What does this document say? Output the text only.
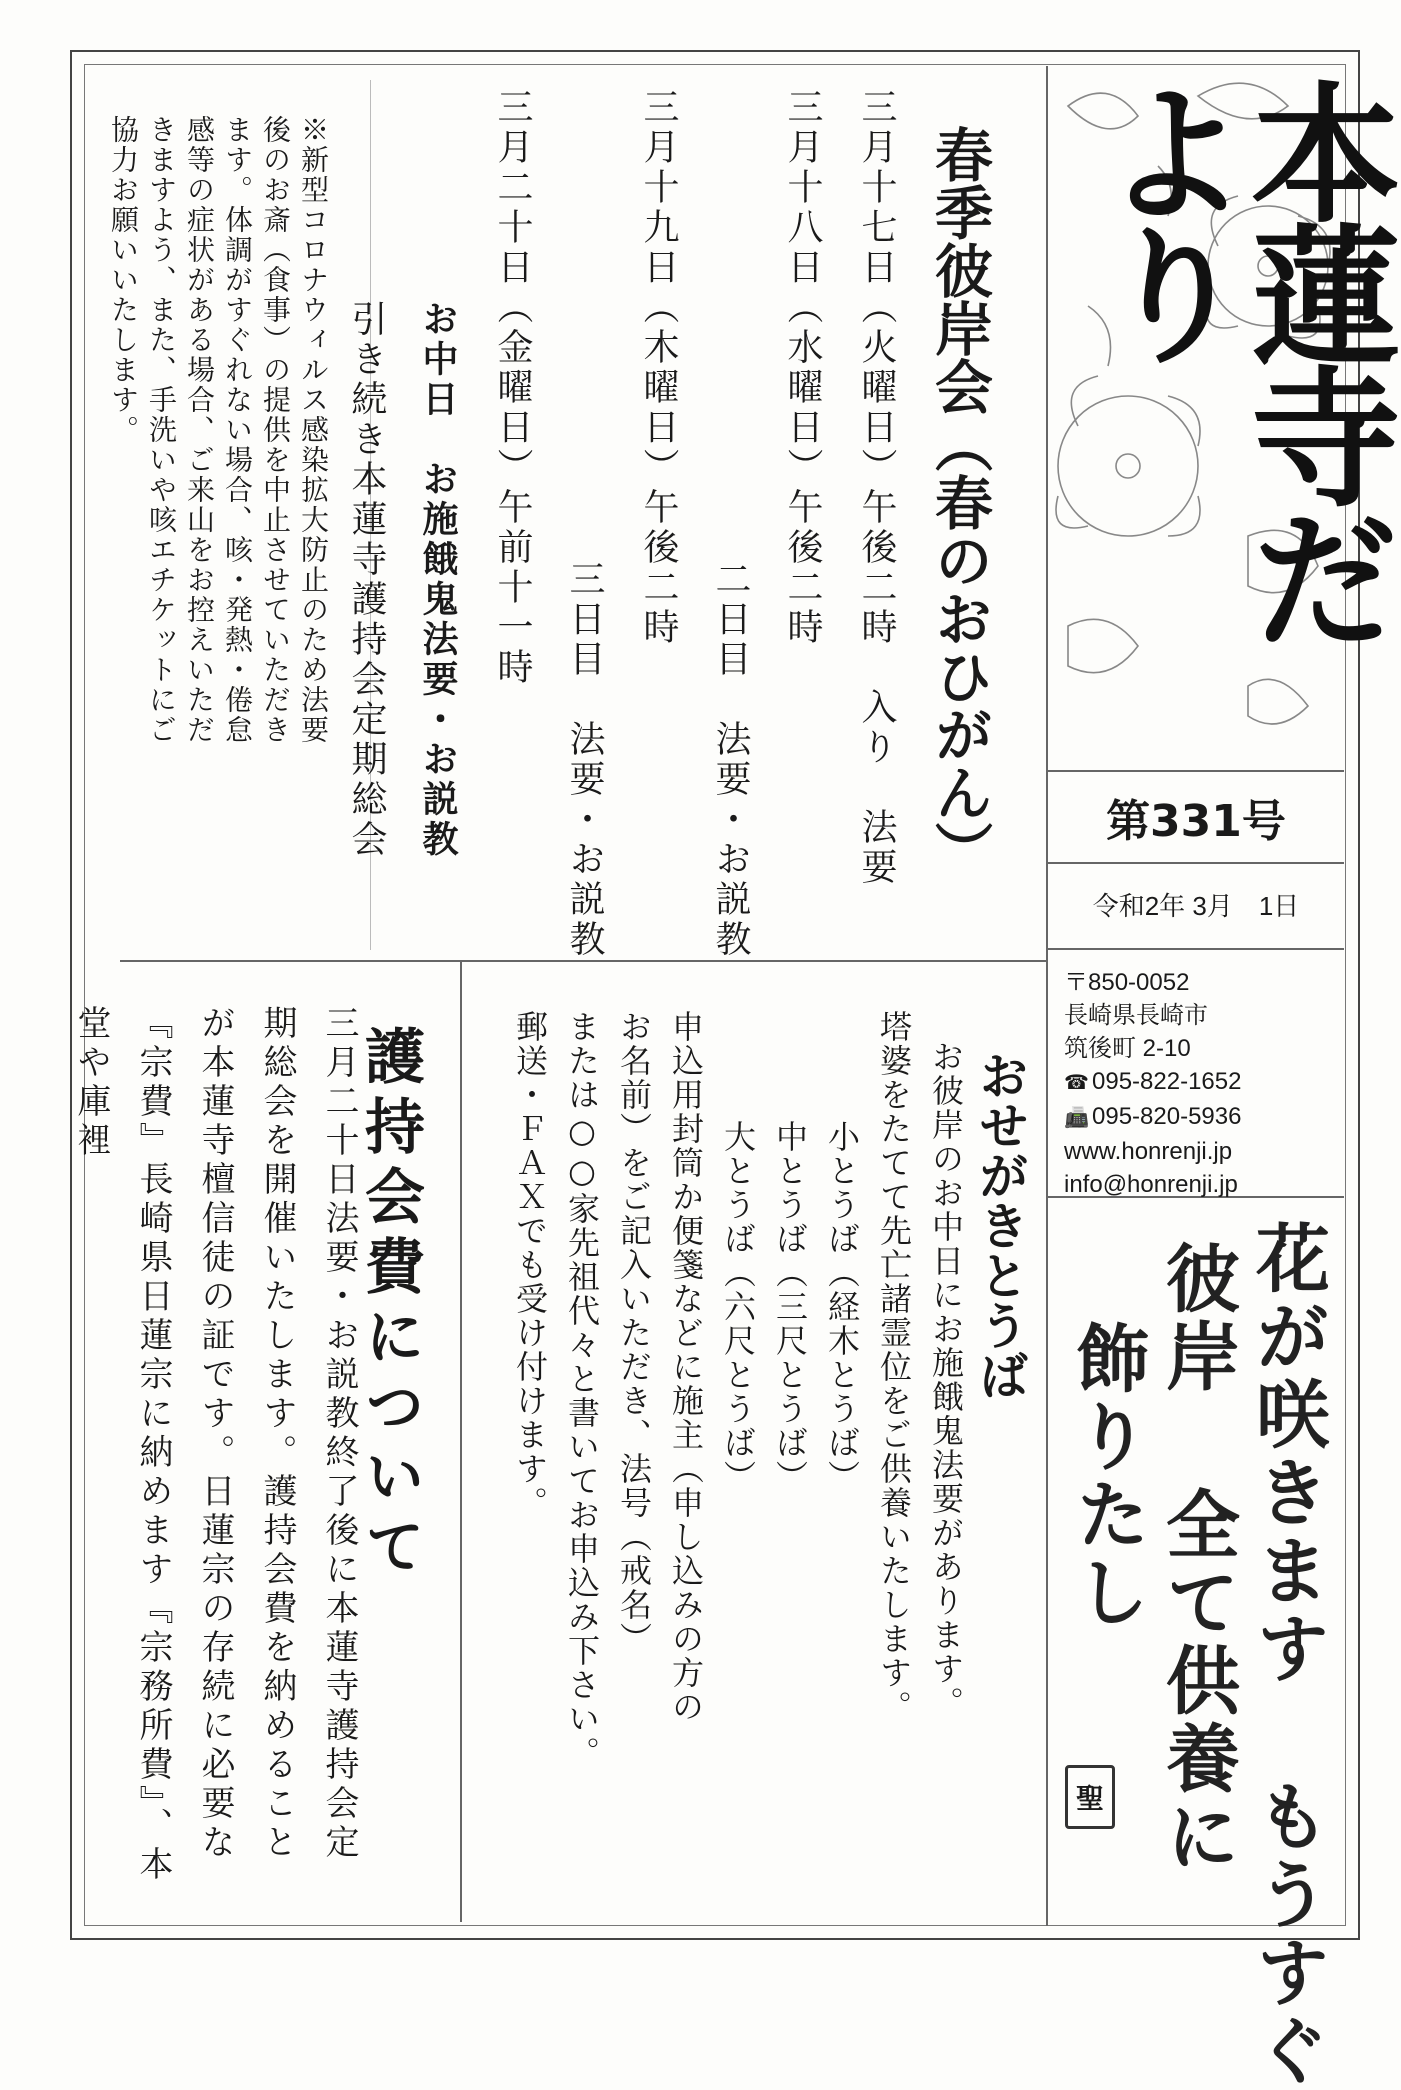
本蓮寺だより
第331号
令和2年 3月　1日
〒850-0052
長崎県長崎市
筑後町 2-10
☎ 095-822-1652
📠 095-820-5936
www.honrenji.jp
info@honrenji.jp
花が咲きます もうすぐ
彼岸 全て供養に
飾りたし
聖
春季彼岸会（春のおひがん）
三月十七日（火曜日）午後二時　入り　法要
三月十八日（水曜日）午後二時
二日目　法要・お説教
三月十九日（木曜日）午後二時
三日目　法要・お説教
三月二十日（金曜日）午前十一時
お中日　お施餓鬼法要・お説教
引き続き本蓮寺護持会定期総会
※新型コロナウィルス感染拡大防止のため法要後のお斎（食事）の提供を中止させていただきます。体調がすぐれない場合、咳・発熱・倦怠感等の症状がある場合、ご来山をお控えいただきますよう、また、手洗いや咳エチケットにご協力お願いいたします。
おせがきとうば
お彼岸のお中日にお施餓鬼法要があります。
塔婆をたてて先亡諸霊位をご供養いたします。
小とうば（経木とうば）
中とうば（三尺とうば）
大とうば（六尺とうば）
申込用封筒か便箋などに施主（申し込みの方の
お名前）をご記入いただき、法号（戒名）
または○○家先祖代々と書いてお申込み下さい。
郵送・ＦＡＸでも受け付けます。
護持会費について
三月二十日法要・お説教終了後に本蓮寺護持会定期総会を開催いたします。護持会費を納めることが本蓮寺檀信徒の証です。日蓮宗の存続に必要な『宗費』長崎県日蓮宗に納めます『宗務所費』、本堂や庫裡
